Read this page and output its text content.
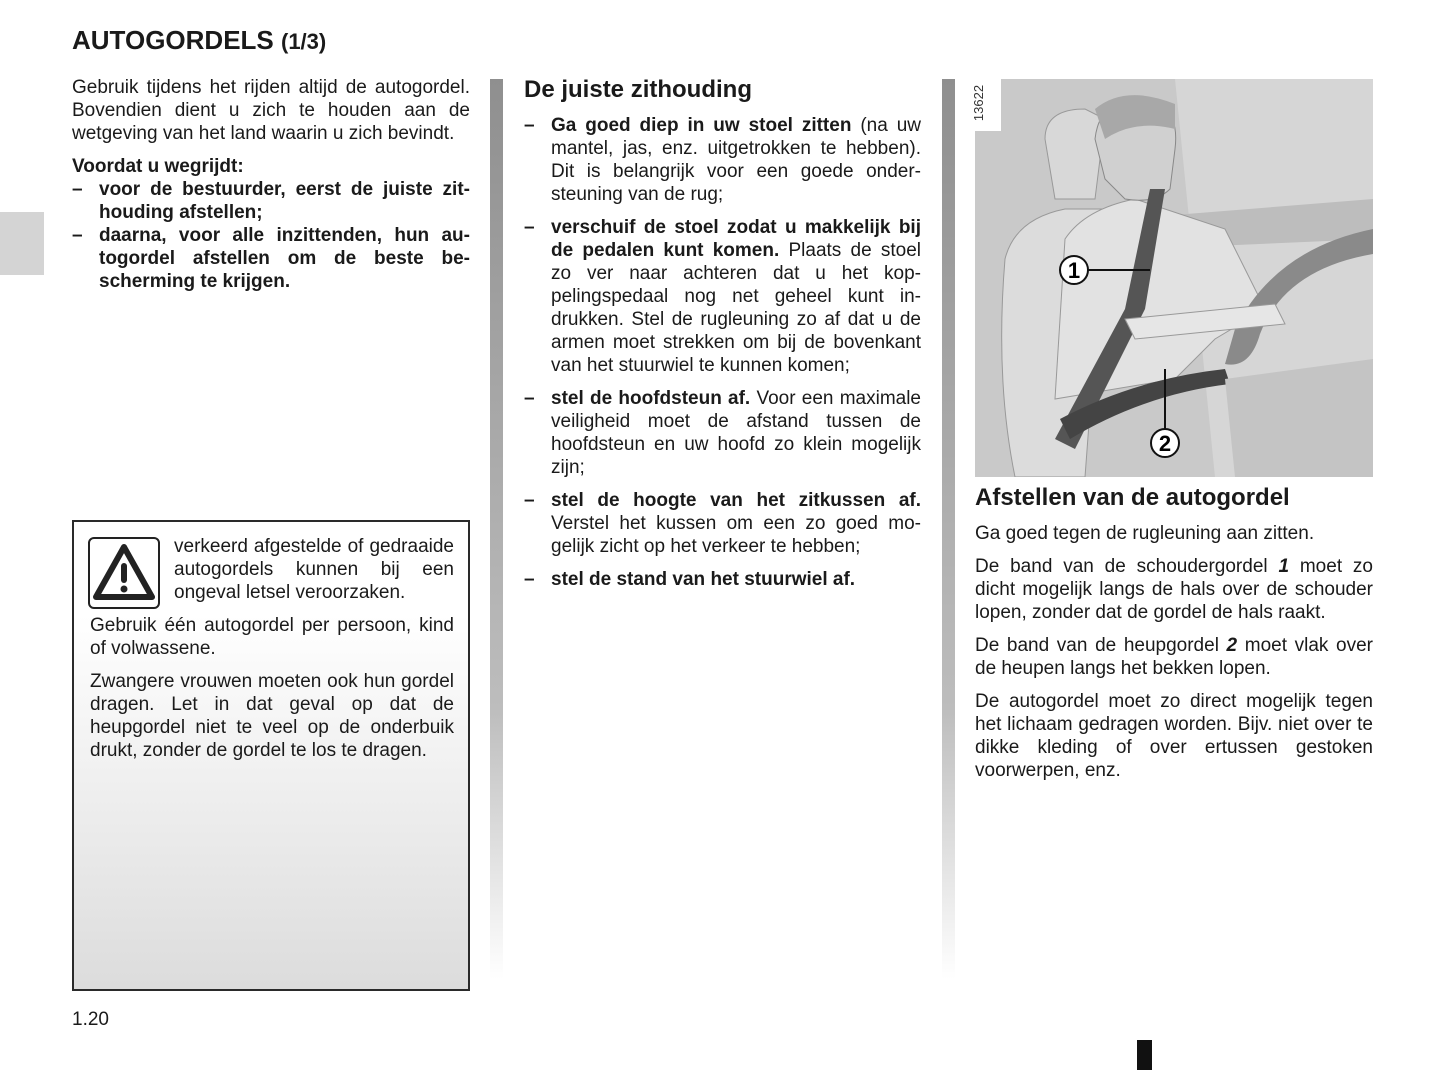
AUTOGORDELS (1/3)

Gebruik tijdens het rijden altijd de autogordel. Bovendien dient u zich te houden aan de wetgeving van het land waarin u zich bevindt.

Voordat u wegrijdt:
– voor de bestuurder, eerst de juiste zithouding afstellen;
– daarna, voor alle inzittenden, hun autogordel afstellen om de beste bescherming te krijgen.

verkeerd afgestelde of gedraaide autogordels kunnen bij een ongeval letsel veroorzaken.

Gebruik één autogordel per persoon, kind of volwassene.

Zwangere vrouwen moeten ook hun gordel dragen. Let in dat geval op dat de heupgordel niet te veel op de onderbuik drukt, zonder de gordel te los te dragen.

De juiste zithouding
– Ga goed diep in uw stoel zitten (na uw mantel, jas, enz. uitgetrokken te hebben). Dit is belangrijk voor een goede ondersteuning van de rug;
– verschuif de stoel zodat u makkelijk bij de pedalen kunt komen. Plaats de stoel zo ver naar achteren dat u het koppelingspedaal nog net geheel kunt indrukken. Stel de rugleuning zo af dat u de armen moet strekken om bij de bovenkant van het stuurwiel te kunnen komen;
– stel de hoofdsteun af. Voor een maximale veiligheid moet de afstand tussen de hoofdsteun en uw hoofd zo klein mogelijk zijn;
– stel de hoogte van het zitkussen af. Verstel het kussen om een zo goed mogelijk zicht op het verkeer te hebben;
– stel de stand van het stuurwiel af.
1
2
13622
Afstellen van de autogordel

Ga goed tegen de rugleuning aan zitten.

De band van de schoudergordel 1 moet zo dicht mogelijk langs de hals over de schouder lopen, zonder dat de gordel de hals raakt.

De band van de heupgordel 2 moet vlak over de heupen langs het bekken lopen.

De autogordel moet zo direct mogelijk tegen het lichaam gedragen worden. Bijv. niet over te dikke kleding of over ertussen gestoken voorwerpen, enz.

1.20
